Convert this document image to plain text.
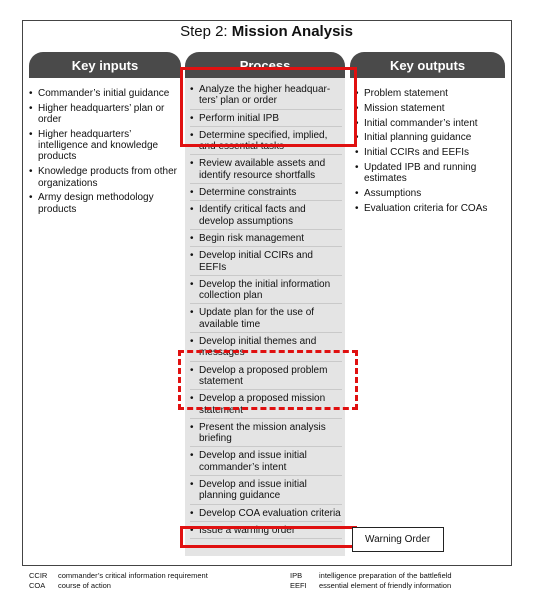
Step 2: Mission Analysis
Key inputs	Process	Key outputs
• Commander’s initial guidance
• Higher headquarters’ plan or order
• Higher headquarters’ intelligence and knowledge products
• Knowledge products from other organizations
• Army design methodology products
• Analyze the higher headquar-ters’ plan or order
• Perform initial IPB
• Determine specified, implied, and essential tasks
• Review available assets and identify resource shortfalls
• Determine constraints
• Identify critical facts and develop assumptions
• Begin risk management
• Develop initial CCIRs and EEFIs
• Develop the initial information collection plan
• Update plan for the use of available time
• Develop initial themes and messages
• Develop a proposed problem statement
• Develop a proposed mission statement
• Present the mission analysis briefing
• Develop and issue initial commander’s intent
• Develop and issue initial planning guidance
• Develop COA evaluation criteria
• Issue a warning order
• Problem statement
• Mission statement
• Initial commander’s intent
• Initial planning guidance
• Initial CCIRs and EEFIs
• Updated IPB and running estimates
• Assumptions
• Evaluation criteria for COAs
Warning Order
CCIR commander’s critical information requirement
COA course of action
IPB intelligence preparation of the battlefield
EEFI essential element of friendly information
